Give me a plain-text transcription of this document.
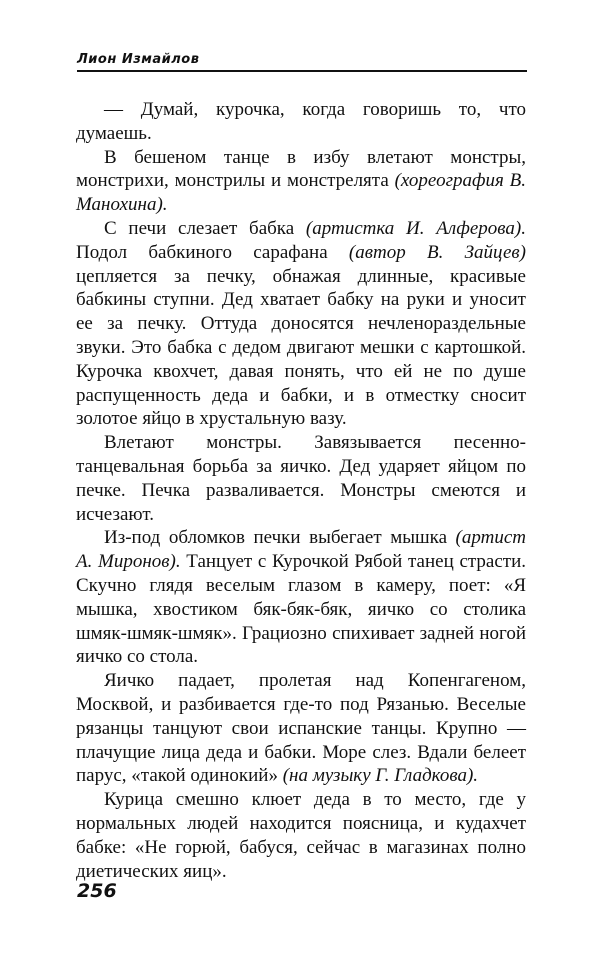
Лион Измайлов

— Думай, курочка, когда говоришь то, что думаешь.

В бешеном танце в избу влетают монстры, монстрихи, монстрилы и монстрелята (хореография В. Манохина).

С печи слезает бабка (артистка И. Алферова). Подол бабкиного сарафана (автор В. Зайцев) цепляется за печку, обнажая длинные, красивые бабкины ступни. Дед хватает бабку на руки и уносит ее за печку. Оттуда доносятся нечленораздельные звуки. Это бабка с дедом двигают мешки с картошкой. Курочка квохчет, давая понять, что ей не по душе распущенность деда и бабки, и в отместку сносит золотое яйцо в хрустальную вазу.

Влетают монстры. Завязывается песенно-танцевальная борьба за яичко. Дед ударяет яйцом по печке. Печка разваливается. Монстры смеются и исчезают.

Из-под обломков печки выбегает мышка (артист А. Миронов). Танцует с Курочкой Рябой танец страсти. Скучно глядя веселым глазом в камеру, поет: «Я мышка, хвостиком бяк-бяк-бяк, яичко со столика шмяк-шмяк-шмяк». Грациозно спихивает задней ногой яичко со стола.

Яичко падает, пролетая над Копенгагеном, Москвой, и разбивается где-то под Рязанью. Веселые рязанцы танцуют свои испанские танцы. Крупно — плачущие лица деда и бабки. Море слез. Вдали белеет парус, «такой одинокий» (на музыку Г. Гладкова).

Курица смешно клюет деда в то место, где у нормальных людей находится поясница, и кудахчет бабке: «Не горюй, бабуся, сейчас в магазинах полно диетических яиц».

256
